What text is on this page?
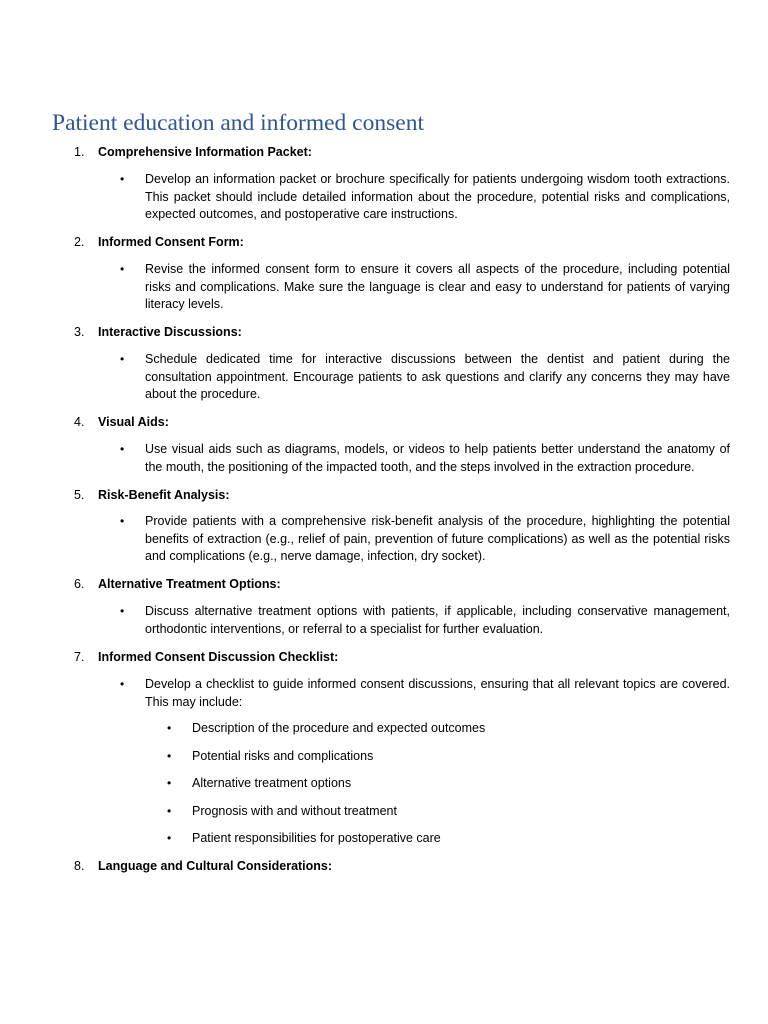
Patient education and informed consent
1. Comprehensive Information Packet:
• Develop an information packet or brochure specifically for patients undergoing wisdom tooth extractions. This packet should include detailed information about the procedure, potential risks and complications, expected outcomes, and postoperative care instructions.
2. Informed Consent Form:
• Revise the informed consent form to ensure it covers all aspects of the procedure, including potential risks and complications. Make sure the language is clear and easy to understand for patients of varying literacy levels.
3. Interactive Discussions:
• Schedule dedicated time for interactive discussions between the dentist and patient during the consultation appointment. Encourage patients to ask questions and clarify any concerns they may have about the procedure.
4. Visual Aids:
• Use visual aids such as diagrams, models, or videos to help patients better understand the anatomy of the mouth, the positioning of the impacted tooth, and the steps involved in the extraction procedure.
5. Risk-Benefit Analysis:
• Provide patients with a comprehensive risk-benefit analysis of the procedure, highlighting the potential benefits of extraction (e.g., relief of pain, prevention of future complications) as well as the potential risks and complications (e.g., nerve damage, infection, dry socket).
6. Alternative Treatment Options:
• Discuss alternative treatment options with patients, if applicable, including conservative management, orthodontic interventions, or referral to a specialist for further evaluation.
7. Informed Consent Discussion Checklist:
• Develop a checklist to guide informed consent discussions, ensuring that all relevant topics are covered. This may include:
• Description of the procedure and expected outcomes
• Potential risks and complications
• Alternative treatment options
• Prognosis with and without treatment
• Patient responsibilities for postoperative care
8. Language and Cultural Considerations:
